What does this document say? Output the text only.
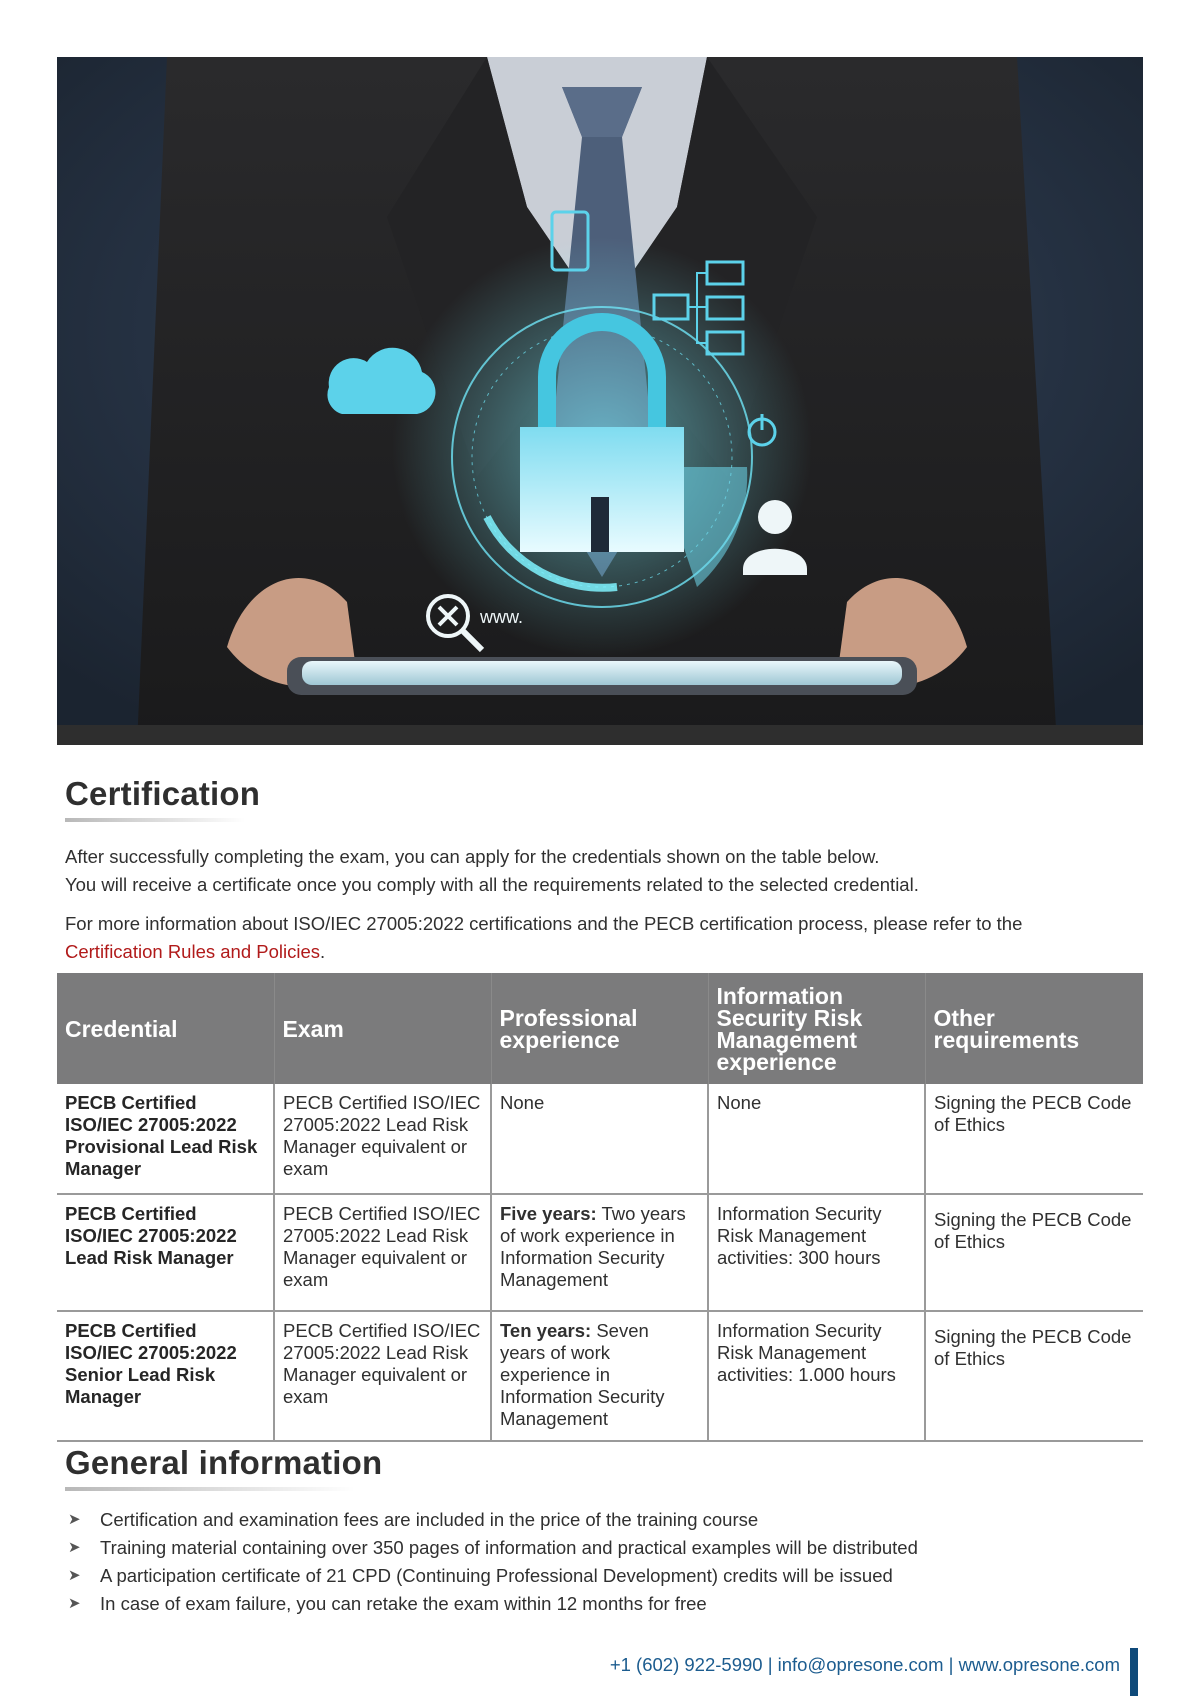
www.
Certification

After successfully completing the exam, you can apply for the credentials shown on the table below.
You will receive a certificate once you comply with all the requirements related to the selected credential.

For more information about ISO/IEC 27005:2022 certifications and the PECB certification process, please refer to the
Certification Rules and Policies.

Credential	Exam	Professional experience	Information Security Risk Management experience	Other requirements
PECB Certified ISO/IEC 27005:2022 Provisional Lead Risk Manager	PECB Certified ISO/IEC 27005:2022 Lead Risk Manager equivalent or exam	None	None	Signing the PECB Code of Ethics
PECB Certified ISO/IEC 27005:2022 Lead Risk Manager	PECB Certified ISO/IEC 27005:2022 Lead Risk Manager equivalent or exam	Five years: Two years of work experience in Information Security Management	Information Security Risk Management activities: 300 hours	Signing the PECB Code of Ethics
PECB Certified ISO/IEC 27005:2022 Senior Lead Risk Manager	PECB Certified ISO/IEC 27005:2022 Lead Risk Manager equivalent or exam	Ten years: Seven years of work experience in Information Security Management	Information Security Risk Management activities: 1.000 hours	Signing the PECB Code of Ethics
General information
➤ Certification and examination fees are included in the price of the training course
➤ Training material containing over 350 pages of information and practical examples will be distributed
➤ A participation certificate of 21 CPD (Continuing Professional Development) credits will be issued
➤ In case of exam failure, you can retake the exam within 12 months for free
+1 (602) 922-5990 | info@opresone.com | www.opresone.com
